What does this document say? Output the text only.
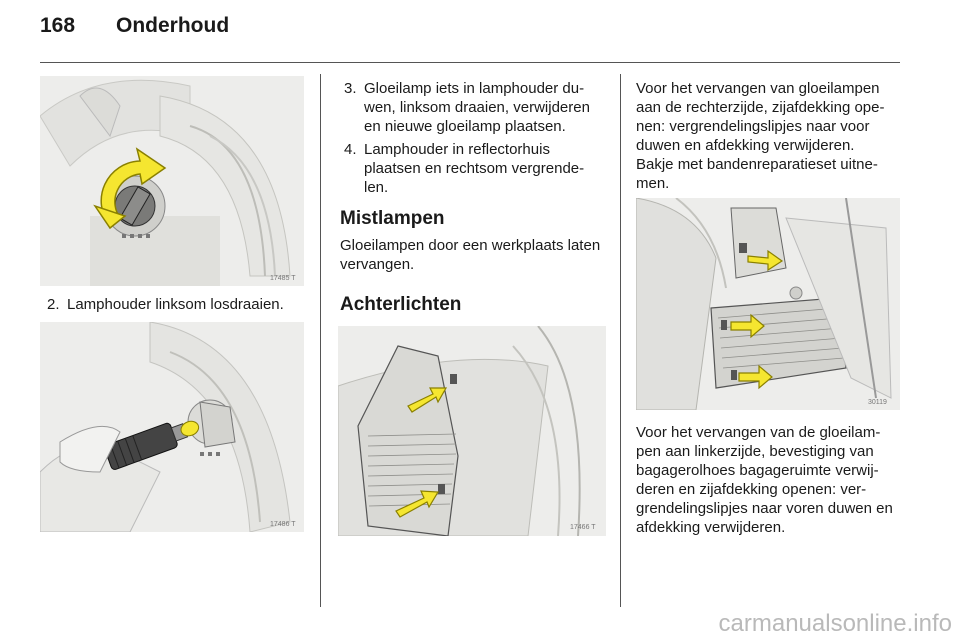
168 Onderhoud
17485 T
2. Lamphouder linksom losdraaien.
17486 T
3. Gloeilamp iets in lamphouder duwen, linksom draaien, verwijderen en nieuwe gloeilamp plaatsen.
4. Lamphouder in reflectorhuis plaatsen en rechtsom vergrendelen.
Mistlampen
Gloeilampen door een werkplaats laten vervangen.
Achterlichten
17466 T
Voor het vervangen van gloeilampen aan de rechterzijde, zijafdekking openen: vergrendelingslipjes naar voor duwen en afdekking verwijderen.
Bakje met bandenreparatieset uitnemen.
30119
Voor het vervangen van de gloeilampen aan linkerzijde, bevestiging van bagagerolhoes bagageruimte verwijderen en zijafdekking openen: vergrendelingslipjes naar voren duwen en afdekking verwijderen.
carmanualsonline.info
